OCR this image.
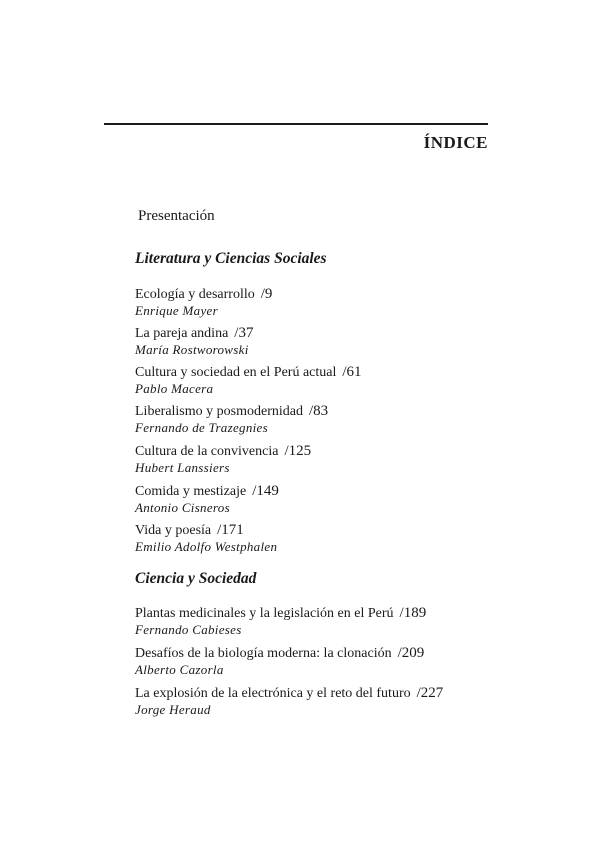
ÍNDICE
Presentación
Literatura y Ciencias Sociales
Ecología y desarrollo /9
Enrique Mayer
La pareja andina /37
María Rostworowski
Cultura y sociedad en el Perú actual /61
Pablo Macera
Liberalismo y posmodernidad /83
Fernando de Trazegnies
Cultura de la convivencia /125
Hubert Lanssiers
Comida y mestizaje /149
Antonio Cisneros
Vida y poesía /171
Emilio Adolfo Westphalen
Ciencia y Sociedad
Plantas medicinales y la legislación en el Perú /189
Fernando Cabieses
Desafíos de la biología moderna: la clonación /209
Alberto Cazorla
La explosión de la electrónica y el reto del futuro /227
Jorge Heraud
